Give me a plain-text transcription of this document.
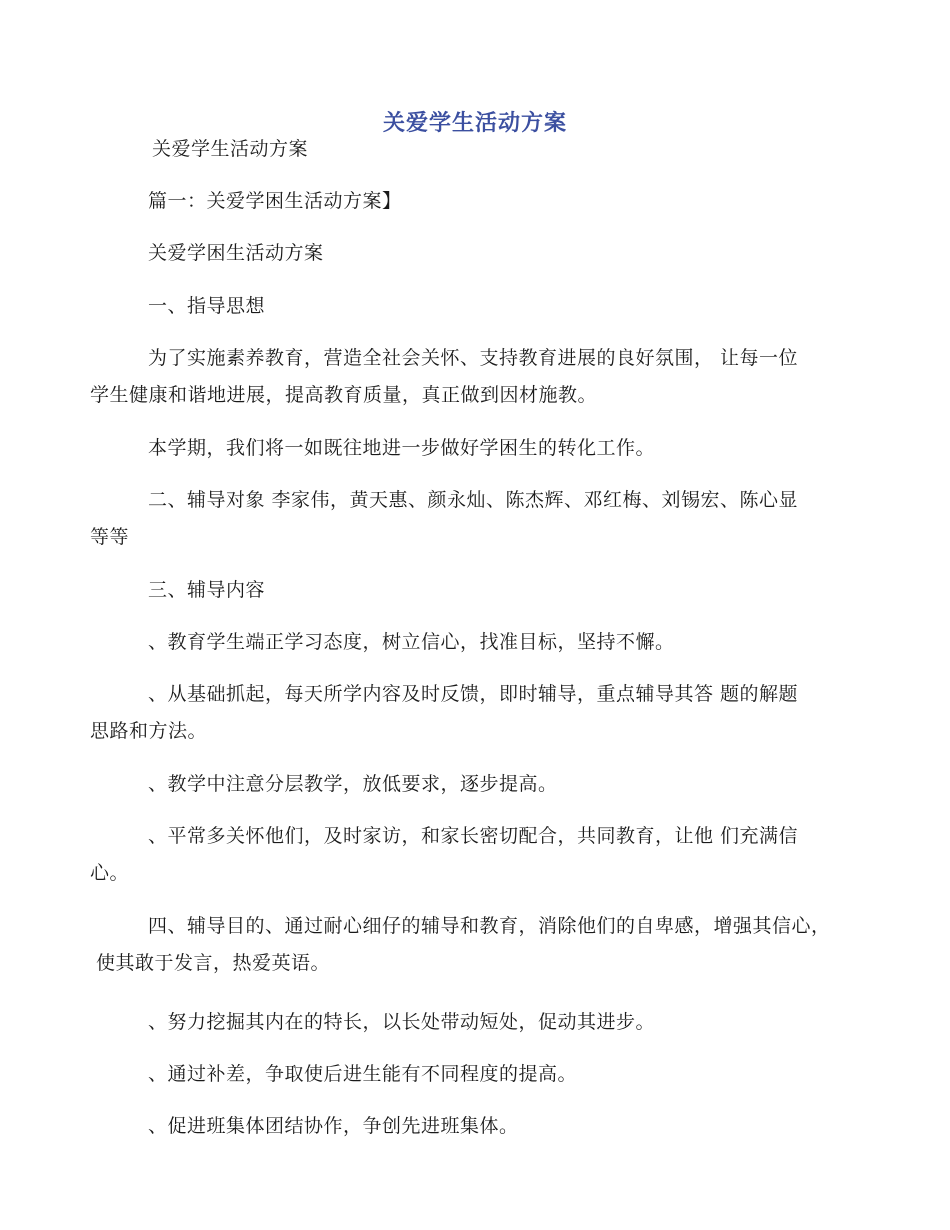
关爱学生活动方案
关爱学生活动方案
篇一：关爱学困生活动方案】
关爱学困生活动方案
一、指导思想
为了实施素养教育，营造全社会关怀、支持教育进展的良好氛围， 让每一位
学生健康和谐地进展，提高教育质量，真正做到因材施教。
本学期，我们将一如既往地进一步做好学困生的转化工作。
二、辅导对象 李家伟，黄天惠、颜永灿、陈杰辉、邓红梅、刘锡宏、陈心显
等等
三、辅导内容
、教育学生端正学习态度，树立信心，找准目标，坚持不懈。
、从基础抓起，每天所学内容及时反馈，即时辅导，重点辅导其答 题的解题
思路和方法。
、教学中注意分层教学，放低要求，逐步提高。
、平常多关怀他们，及时家访，和家长密切配合，共同教育，让他 们充满信
心。
四、辅导目的、通过耐心细仔的辅导和教育，消除他们的自卑感，增强其信心，
使其敢于发言，热爱英语。
、努力挖掘其内在的特长，以长处带动短处，促动其进步。
、通过补差，争取使后进生能有不同程度的提高。
、促进班集体团结协作，争创先进班集体。
